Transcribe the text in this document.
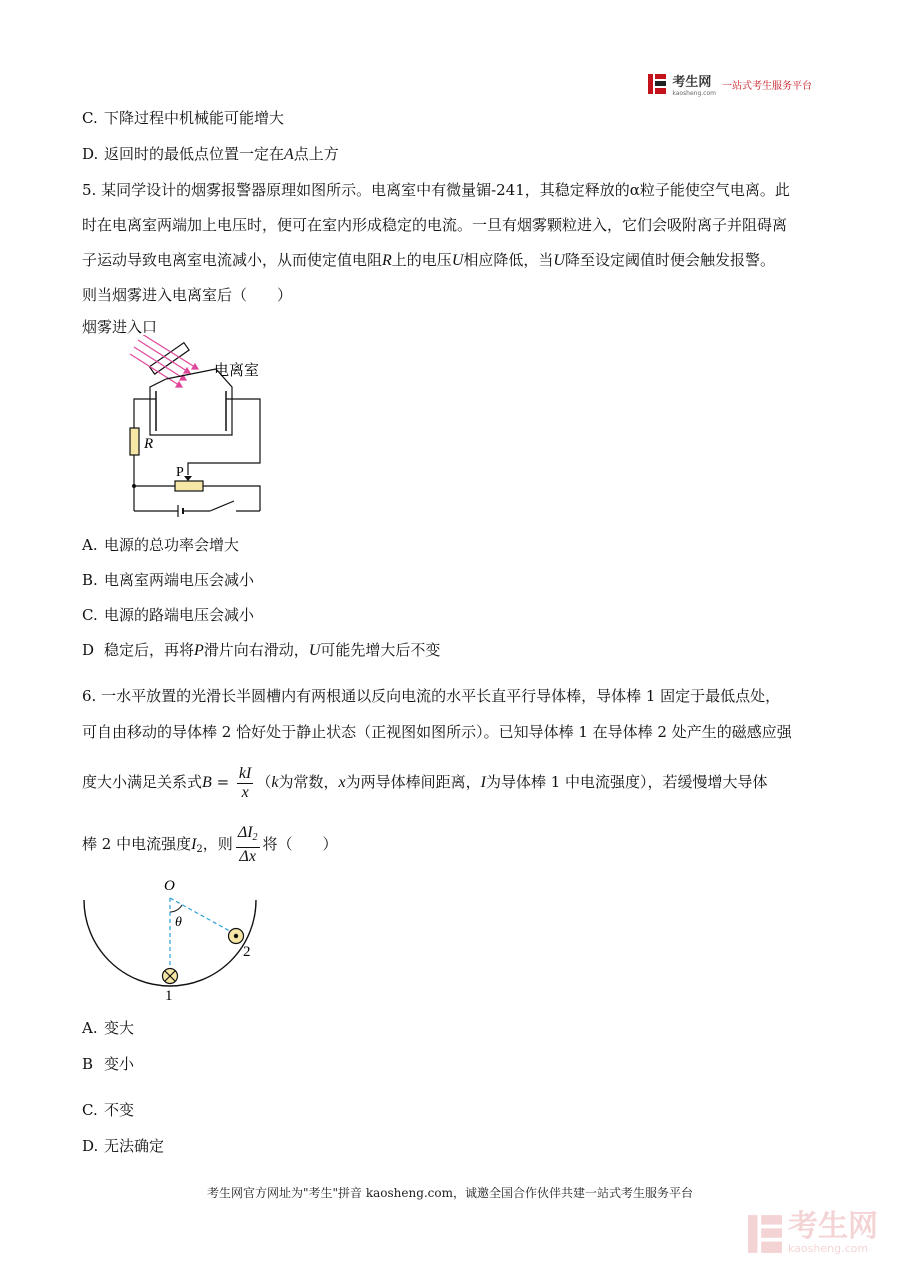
考生网
kaosheng.com
一站式考生服务平台
C. 下降过程中机械能可能增大
D. 返回时的最低点位置一定在A点上方
5. 某同学设计的烟雾报警器原理如图所示。电离室中有微量镅-241，其稳定释放的α粒子能使空气电离。此
时在电离室两端加上电压时，便可在室内形成稳定的电流。一旦有烟雾颗粒进入，它们会吸附离子并阻碍离
子运动导致电离室电流减小，从而使定值电阻R上的电压U相应降低，当U降至设定阈值时便会触发报警。
则当烟雾进入电离室后（　　）
烟雾进入口
电离室
R
P
A. 电源的总功率会增大
B. 电离室两端电压会减小
C. 电源的路端电压会减小
D 稳定后，再将P滑片向右滑动，U可能先增大后不变
6. 一水平放置的光滑长半圆槽内有两根通以反向电流的水平长直平行导体棒，导体棒 1 固定于最低点处，
可自由移动的导体棒 2 恰好处于静止状态（正视图如图所示）。已知导体棒 1 在导体棒 2 处产生的磁感应强
度大小满足关系式$B = \frac{kI}{x} (k$为常数，x为两导体棒间距离，I为导体棒 1 中电流强度），若缓慢增大导体
棒 2 中电流强度$I_2$，则 $\frac{\Delta I_2}{\Delta x}$ 将（　　）
O
θ
1
2
A. 变大
B 变小
C. 不变
D. 无法确定
考生网官方网址为"考生"拼音 kaosheng.com，诚邀全国合作伙伴共建一站式考生服务平台
考生网
kaosheng.com
